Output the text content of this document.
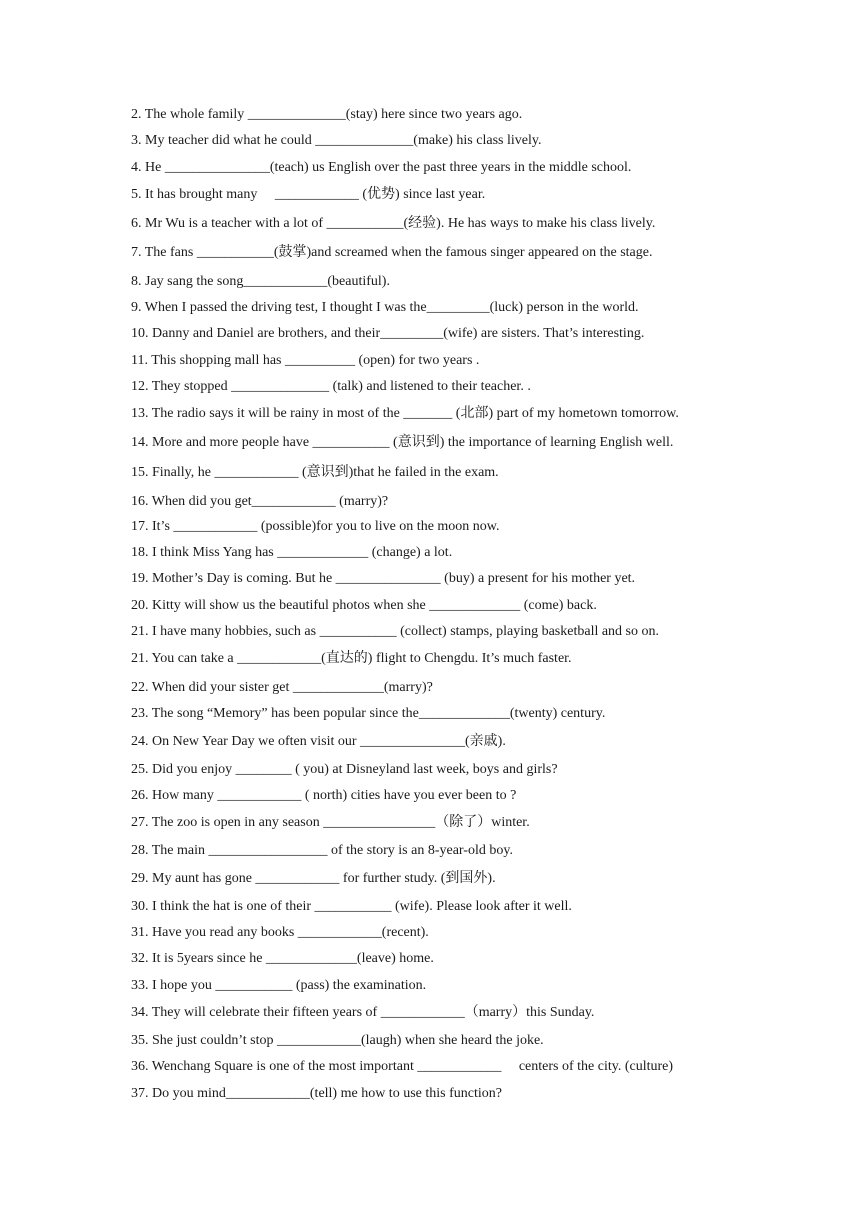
2. The whole family ______________(stay) here since two years ago.
3. My teacher did what he could ______________(make) his class lively.
4. He _______________(teach) us English over the past three years in the middle school.
5. It has brought many     ____________ (优势) since last year.
6. Mr Wu is a teacher with a lot of ___________(经验). He has ways to make his class lively.
7. The fans ___________(鼓掌)and screamed when the famous singer appeared on the stage.
8. Jay sang the song____________(beautiful).
9. When I passed the driving test, I thought I was the_________(luck) person in the world.
10. Danny and Daniel are brothers, and their_________(wife) are sisters. That’s interesting.
11. This shopping mall has __________ (open) for two years .
12. They stopped ______________ (talk) and listened to their teacher. .
13. The radio says it will be rainy in most of the _______ (北部) part of my hometown tomorrow.
14. More and more people have ___________ (意识到) the importance of learning English well.
15. Finally, he ____________ (意识到)that he failed in the exam.
16. When did you get____________ (marry)?
17. It’s ____________ (possible)for you to live on the moon now.
18. I think Miss Yang has _____________ (change) a lot.
19. Mother’s Day is coming. But he _______________ (buy) a present for his mother yet.
20. Kitty will show us the beautiful photos when she _____________ (come) back.
21. I have many hobbies, such as ___________ (collect) stamps, playing basketball and so on.
21. You can take a ____________(直达的) flight to Chengdu. It’s much faster.
22. When did your sister get _____________(marry)?
23. The song “Memory” has been popular since the_____________(twenty) century.
24. On New Year Day we often visit our _______________(亲戚).
25. Did you enjoy ________ ( you) at Disneyland last week, boys and girls?
26. How many ____________ ( north) cities have you ever been to ?
27. The zoo is open in any season ________________（除了）winter.
28. The main _________________ of the story is an 8-year-old boy.
29. My aunt has gone ____________ for further study. (到国外).
30. I think the hat is one of their ___________ (wife). Please look after it well.
31. Have you read any books ____________(recent).
32. It is 5years since he _____________(leave) home.
33. I hope you ___________ (pass) the examination.
34. They will celebrate their fifteen years of ____________（marry）this Sunday.
35. She just couldn’t stop ____________(laugh) when she heard the joke.
36. Wenchang Square is one of the most important ____________     centers of the city. (culture)
37. Do you mind____________(tell) me how to use this function?
